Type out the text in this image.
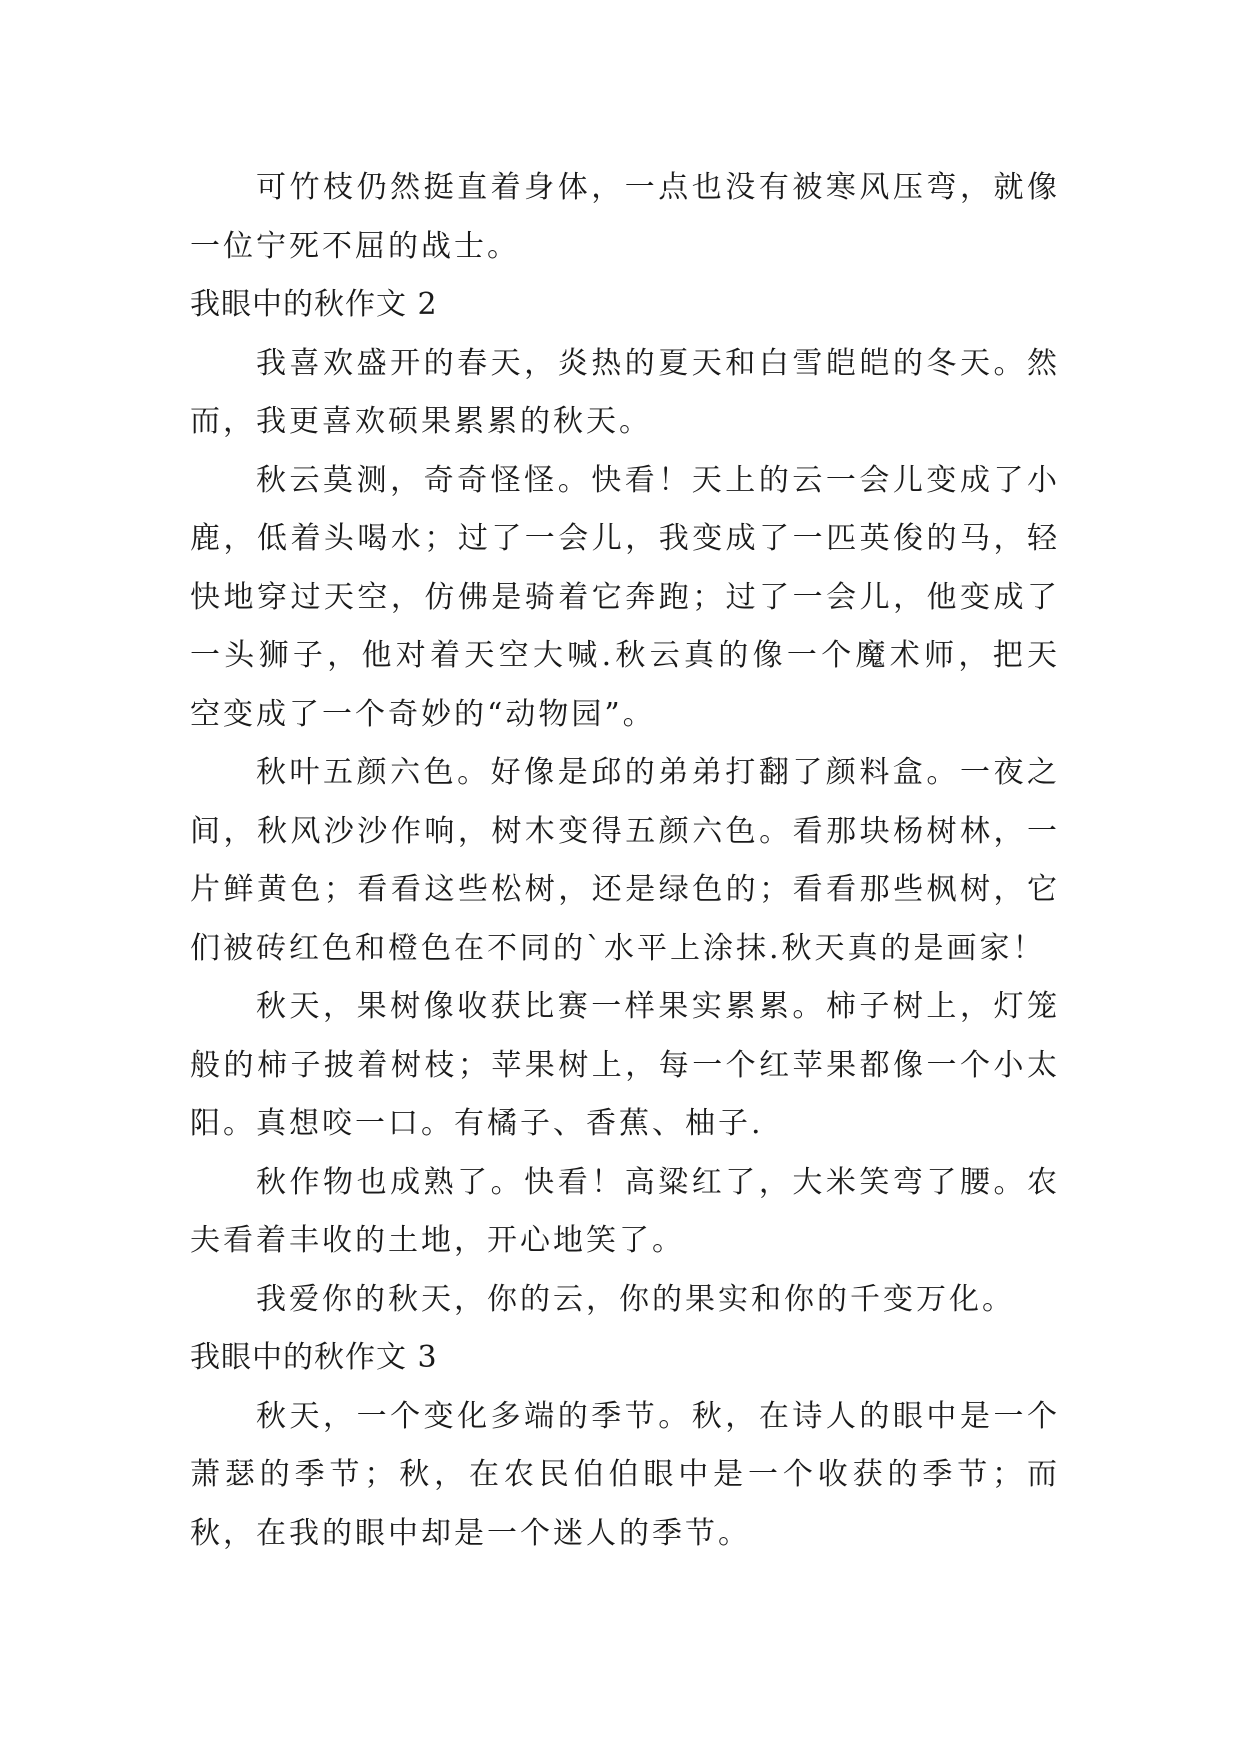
可竹枝仍然挺直着身体，一点也没有被寒风压弯，就像一位宁死不屈的战士。

我眼中的秋作文 2

我喜欢盛开的春天，炎热的夏天和白雪皑皑的冬天。然而，我更喜欢硕果累累的秋天。

秋云莫测，奇奇怪怪。快看！天上的云一会儿变成了小鹿，低着头喝水；过了一会儿，我变成了一匹英俊的马，轻快地穿过天空，仿佛是骑着它奔跑；过了一会儿，他变成了一头狮子，他对着天空大喊.秋云真的像一个魔术师，把天空变成了一个奇妙的“动物园”。

秋叶五颜六色。好像是邱的弟弟打翻了颜料盒。一夜之间，秋风沙沙作响，树木变得五颜六色。看那块杨树林，一片鲜黄色；看看这些松树，还是绿色的；看看那些枫树，它们被砖红色和橙色在不同的`水平上涂抹.秋天真的是画家！

秋天，果树像收获比赛一样果实累累。柿子树上，灯笼般的柿子披着树枝；苹果树上，每一个红苹果都像一个小太阳。真想咬一口。有橘子、香蕉、柚子.

秋作物也成熟了。快看！高粱红了，大米笑弯了腰。农夫看着丰收的土地，开心地笑了。

我爱你的秋天，你的云，你的果实和你的千变万化。

我眼中的秋作文 3

秋天，一个变化多端的季节。秋，在诗人的眼中是一个萧瑟的季节；秋，在农民伯伯眼中是一个收获的季节；而秋，在我的眼中却是一个迷人的季节。
